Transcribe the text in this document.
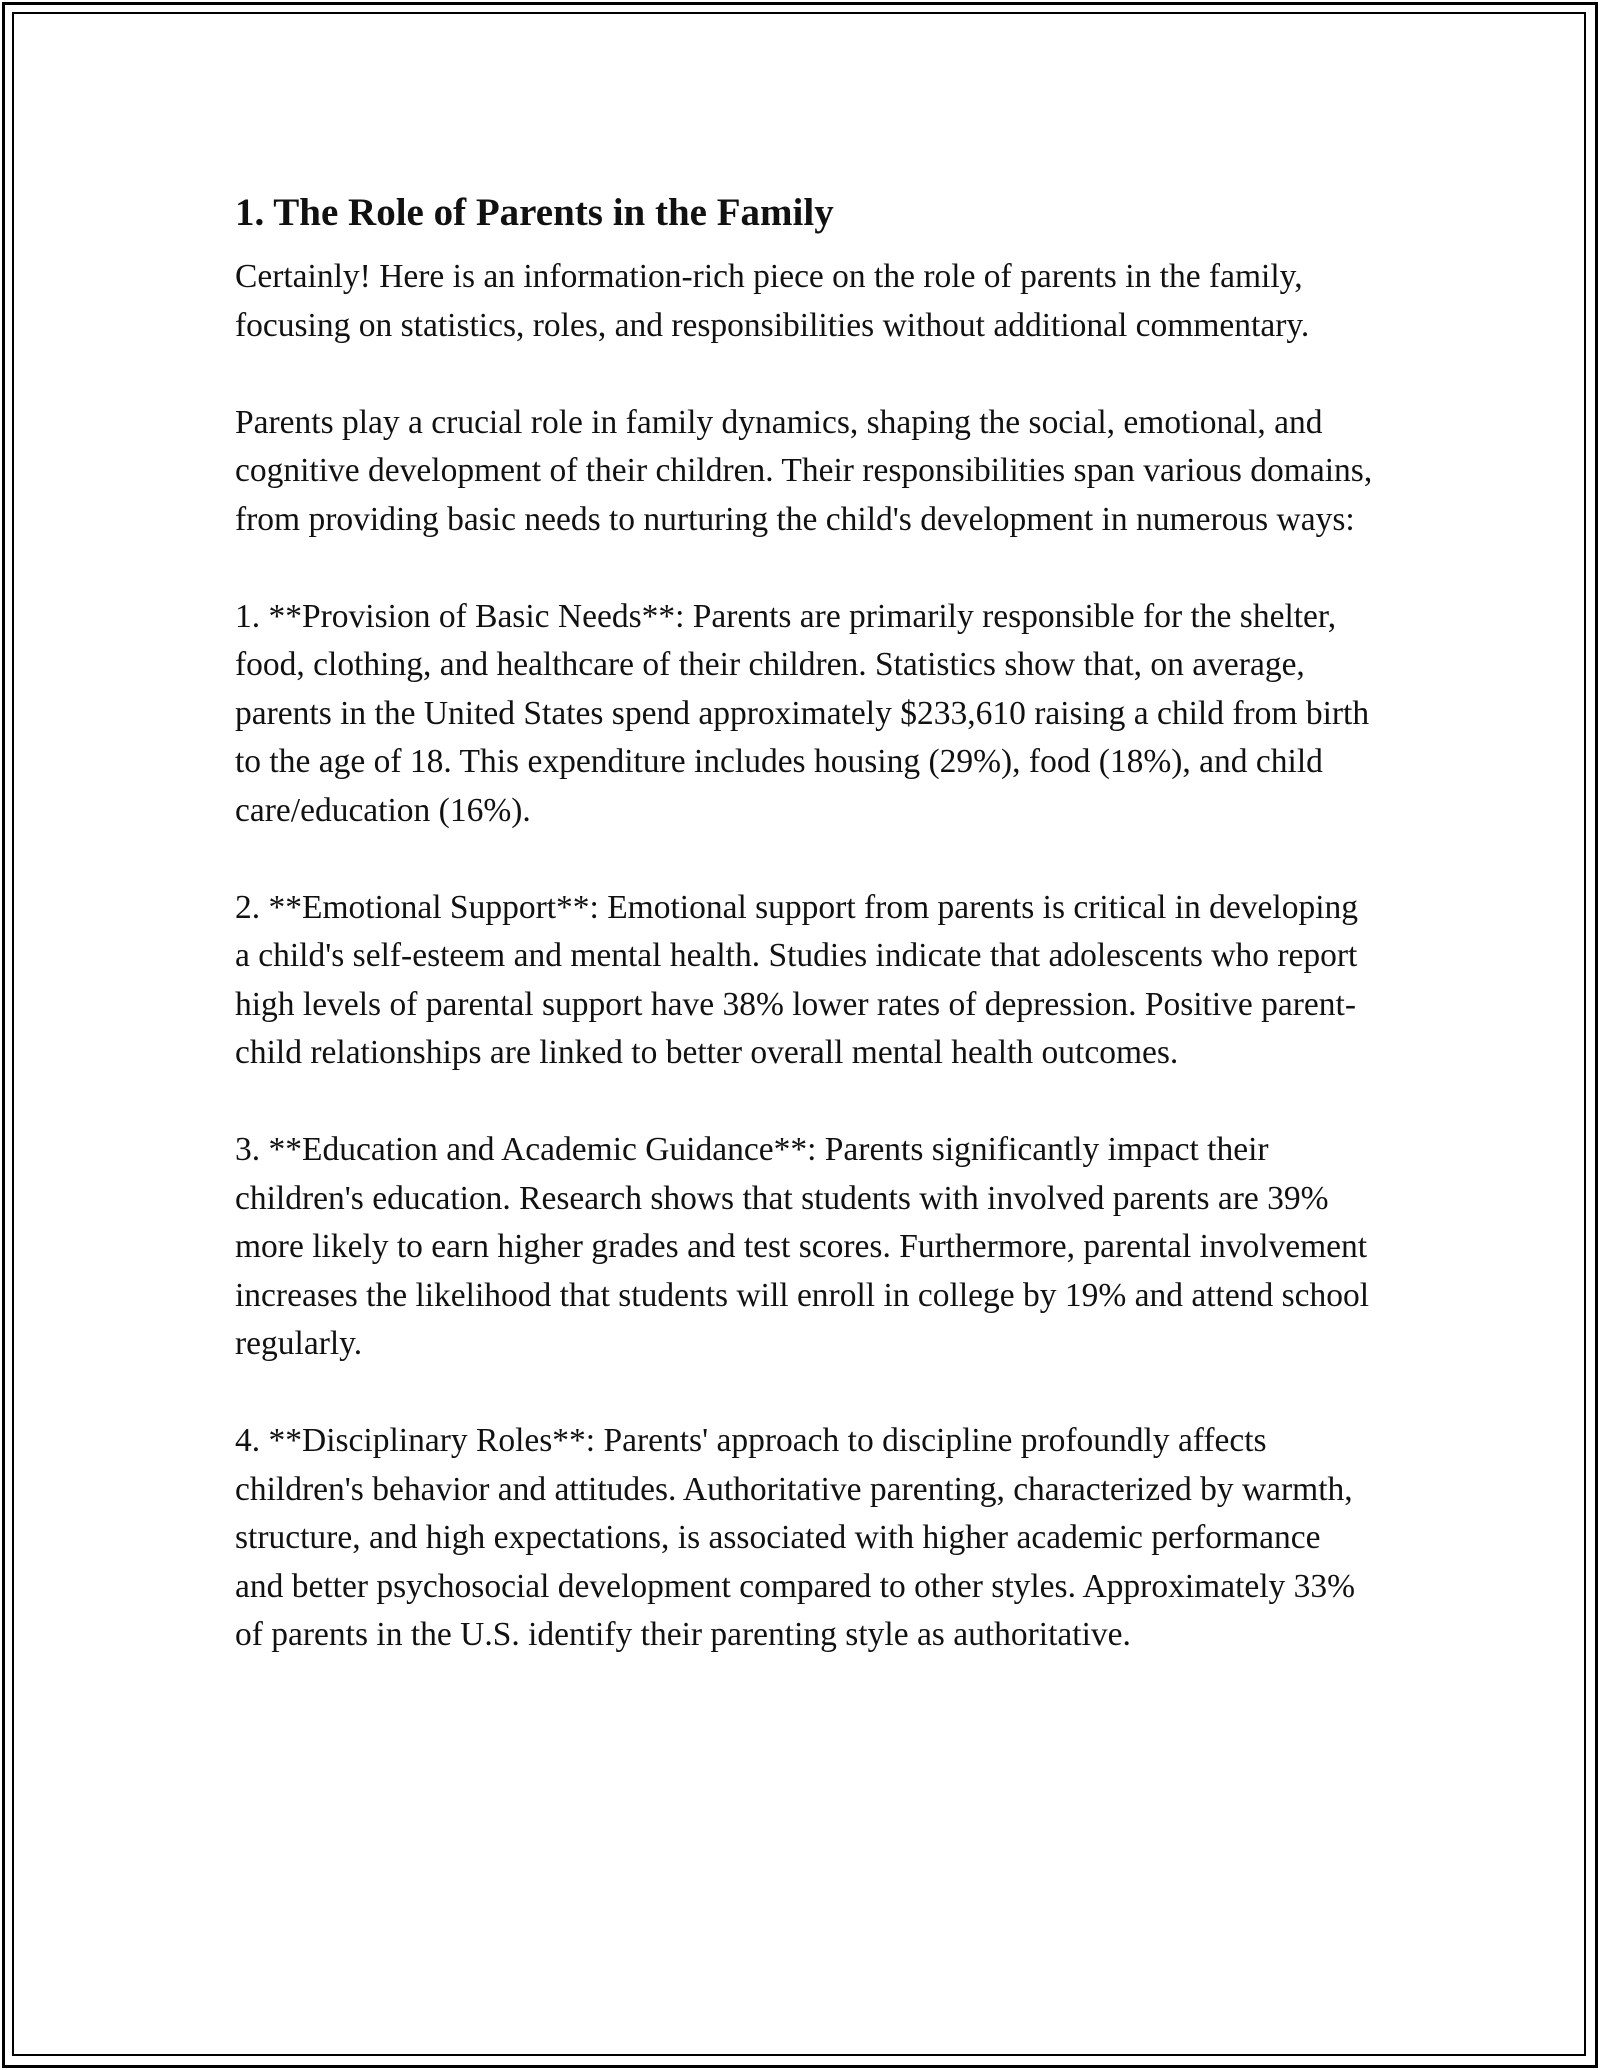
1. The Role of Parents in the Family

Certainly! Here is an information-rich piece on the role of parents in the family, focusing on statistics, roles, and responsibilities without additional commentary.

Parents play a crucial role in family dynamics, shaping the social, emotional, and cognitive development of their children. Their responsibilities span various domains, from providing basic needs to nurturing the child's development in numerous ways:

1. **Provision of Basic Needs**: Parents are primarily responsible for the shelter, food, clothing, and healthcare of their children. Statistics show that, on average, parents in the United States spend approximately $233,610 raising a child from birth to the age of 18. This expenditure includes housing (29%), food (18%), and child care/education (16%).

2. **Emotional Support**: Emotional support from parents is critical in developing a child's self-esteem and mental health. Studies indicate that adolescents who report high levels of parental support have 38% lower rates of depression. Positive parent-child relationships are linked to better overall mental health outcomes.

3. **Education and Academic Guidance**: Parents significantly impact their children's education. Research shows that students with involved parents are 39% more likely to earn higher grades and test scores. Furthermore, parental involvement increases the likelihood that students will enroll in college by 19% and attend school regularly.

4. **Disciplinary Roles**: Parents' approach to discipline profoundly affects children's behavior and attitudes. Authoritative parenting, characterized by warmth, structure, and high expectations, is associated with higher academic performance and better psychosocial development compared to other styles. Approximately 33% of parents in the U.S. identify their parenting style as authoritative.
